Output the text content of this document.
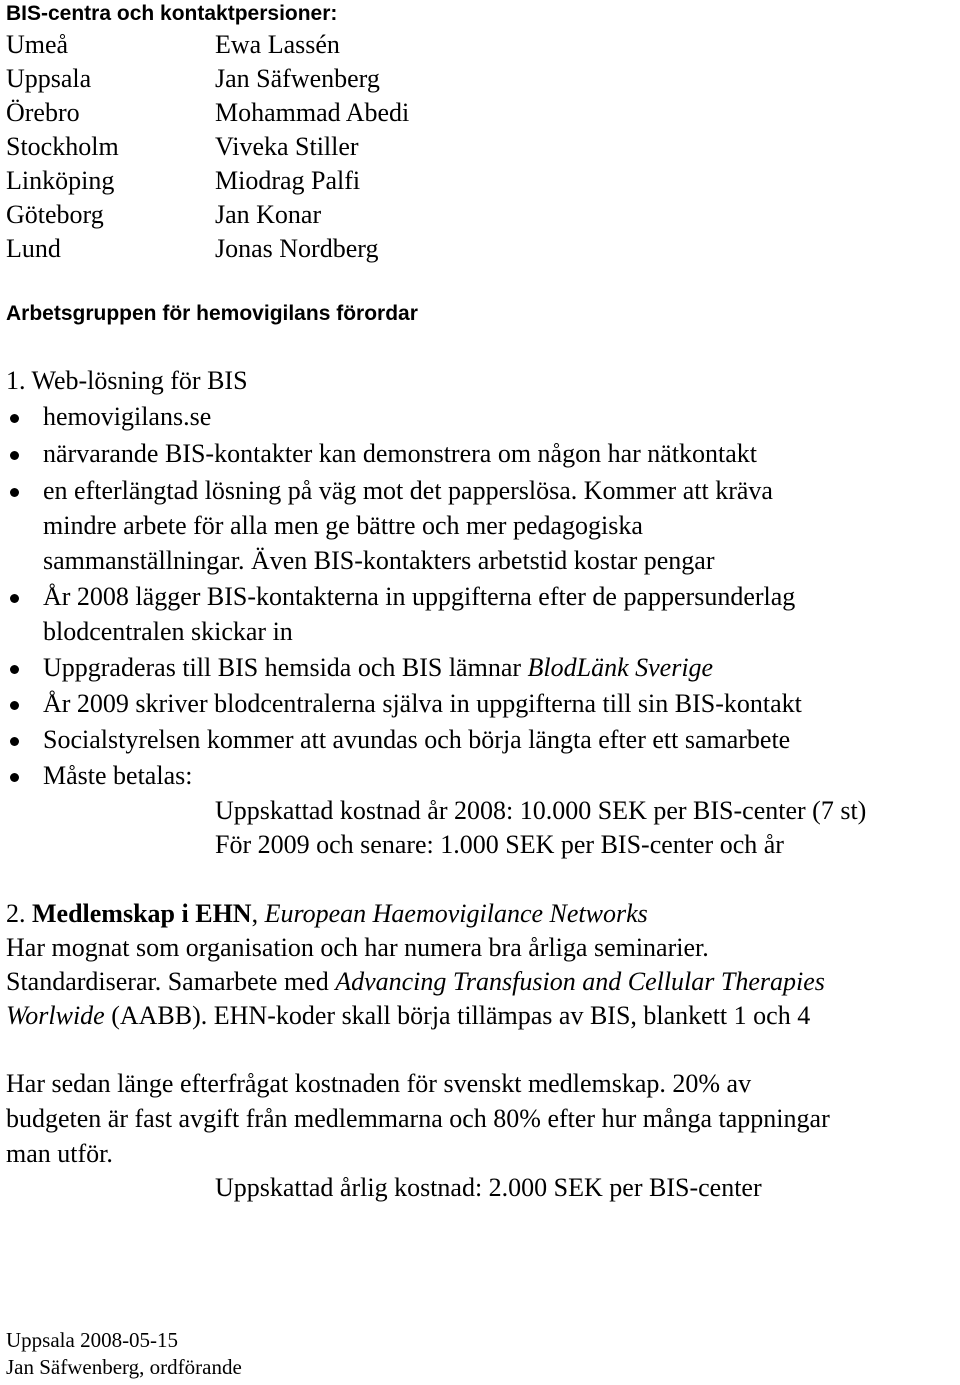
BIS-centra och kontaktpersioner:
Umeå	Ewa Lassén
Uppsala	Jan Säfwenberg
Örebro	Mohammad Abedi
Stockholm	Viveka Stiller
Linköping	Miodrag Palfi
Göteborg	Jan Konar
Lund	Jonas Nordberg
Arbetsgruppen för hemovigilans förordar
1. Web-lösning för BIS
hemovigilans.se
närvarande BIS-kontakter kan demonstrera om någon har nätkontakt
en efterlängtad lösning på väg mot det papperslösa. Kommer att kräva
mindre arbete för alla men ge bättre och mer pedagogiska
sammanställningar. Även BIS-kontakters arbetstid kostar pengar
År 2008 lägger BIS-kontakterna in uppgifterna efter de pappersunderlag
blodcentralen skickar in
Uppgraderas till BIS hemsida och BIS lämnar BlodLänk Sverige
År 2009 skriver blodcentralerna själva in uppgifterna till sin BIS-kontakt
Socialstyrelsen kommer att avundas och börja längta efter ett samarbete
Måste betalas:
Uppskattad kostnad år 2008: 10.000 SEK per BIS-center (7 st)
För 2009 och senare: 1.000 SEK per BIS-center och år
2. Medlemskap i EHN, European Haemovigilance Networks
Har mognat som organisation och har numera bra årliga seminarier.
Standardiserar. Samarbete med Advancing Transfusion and Cellular Therapies
Worlwide (AABB). EHN-koder skall börja tillämpas av BIS, blankett 1 och 4
Har sedan länge efterfrågat kostnaden för svenskt medlemskap. 20% av
budgeten är fast avgift från medlemmarna och 80% efter hur många tappningar
man utför.
Uppskattad årlig kostnad: 2.000 SEK per BIS-center
Uppsala 2008-05-15
Jan Säfwenberg, ordförande
